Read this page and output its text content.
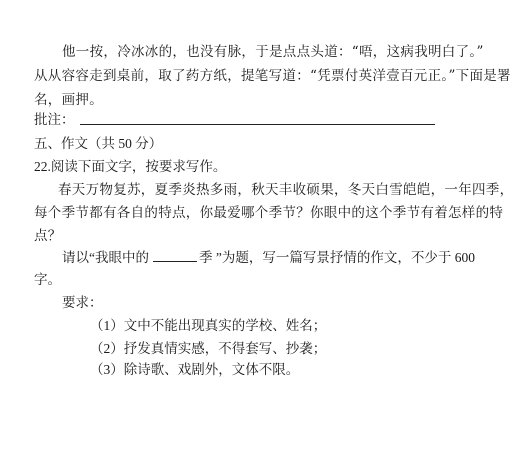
他一按，冷冰冰的，也没有脉，于是点点头道：“唔，这病我明白了。”
从从容容走到桌前，取了药方纸，提笔写道：“凭票付英洋壹百元正。”下面是署
名，画押。
批注：
五、作文（共 50 分）
22.阅读下面文字，按要求写作。
春天万物复苏，夏季炎热多雨，秋天丰收硕果，冬天白雪皑皑，一年四季，
每个季节都有各自的特点，你最爱哪个季节？你眼中的这个季节有着怎样的特
点？
请以“我眼中的	季 ”为题，写一篇写景抒情的作文，不少于 600
字。
要求：
（1）文中不能出现真实的学校、姓名；
（2）抒发真情实感，不得套写、抄袭；
（3）除诗歌、戏剧外，文体不限。
